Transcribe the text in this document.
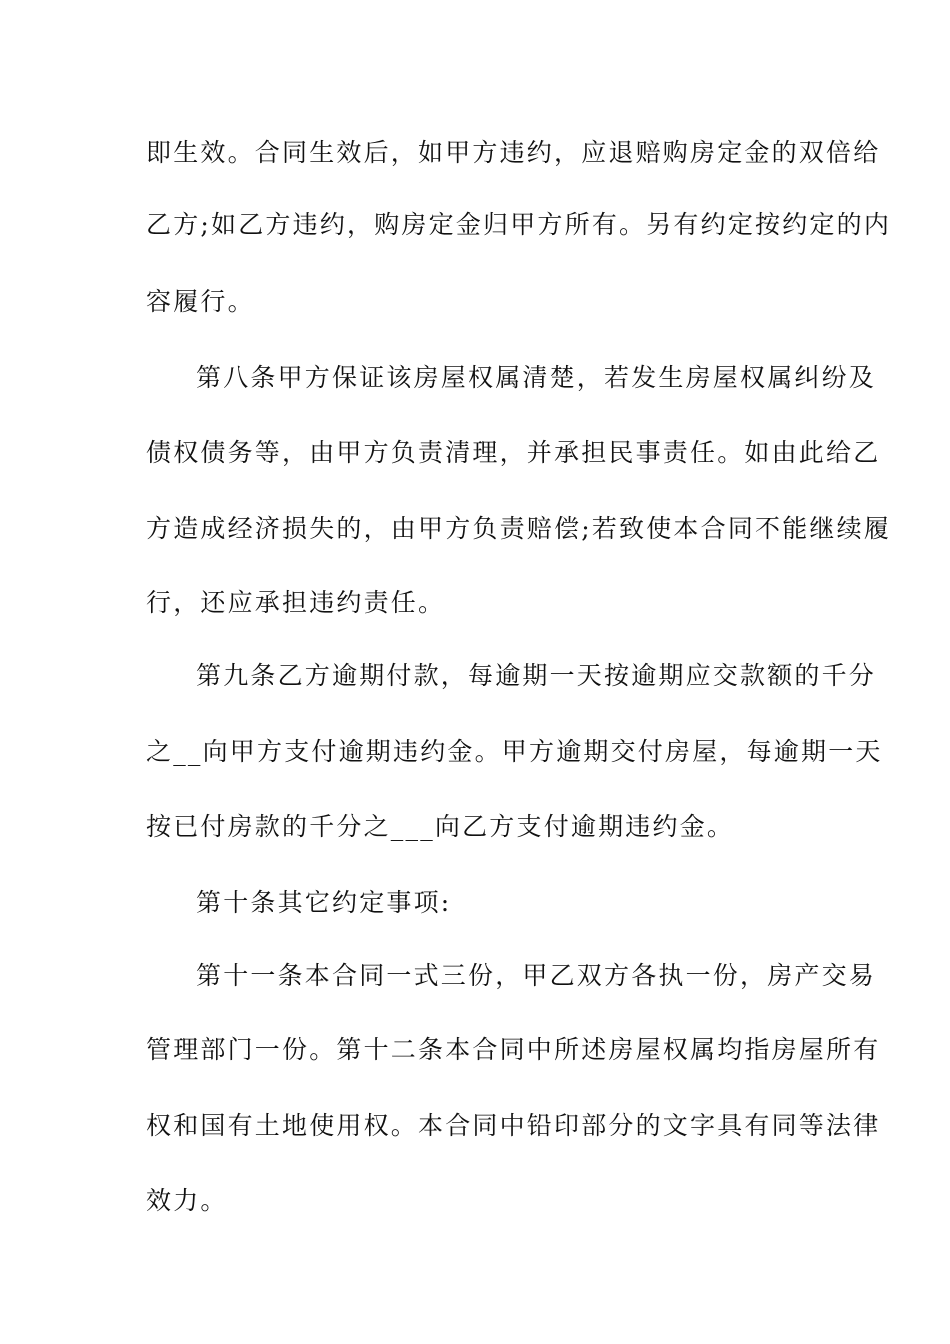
即生效。合同生效后，如甲方违约，应退赔购房定金的双倍给
乙方;如乙方违约，购房定金归甲方所有。另有约定按约定的内
容履行。
第八条甲方保证该房屋权属清楚，若发生房屋权属纠纷及
债权债务等，由甲方负责清理，并承担民事责任。如由此给乙
方造成经济损失的，由甲方负责赔偿;若致使本合同不能继续履
行，还应承担违约责任。
第九条乙方逾期付款，每逾期一天按逾期应交款额的千分
之__向甲方支付逾期违约金。甲方逾期交付房屋，每逾期一天
按已付房款的千分之___向乙方支付逾期违约金。
第十条其它约定事项:
第十一条本合同一式三份，甲乙双方各执一份，房产交易
管理部门一份。第十二条本合同中所述房屋权属均指房屋所有
权和国有土地使用权。本合同中铅印部分的文字具有同等法律
效力。
